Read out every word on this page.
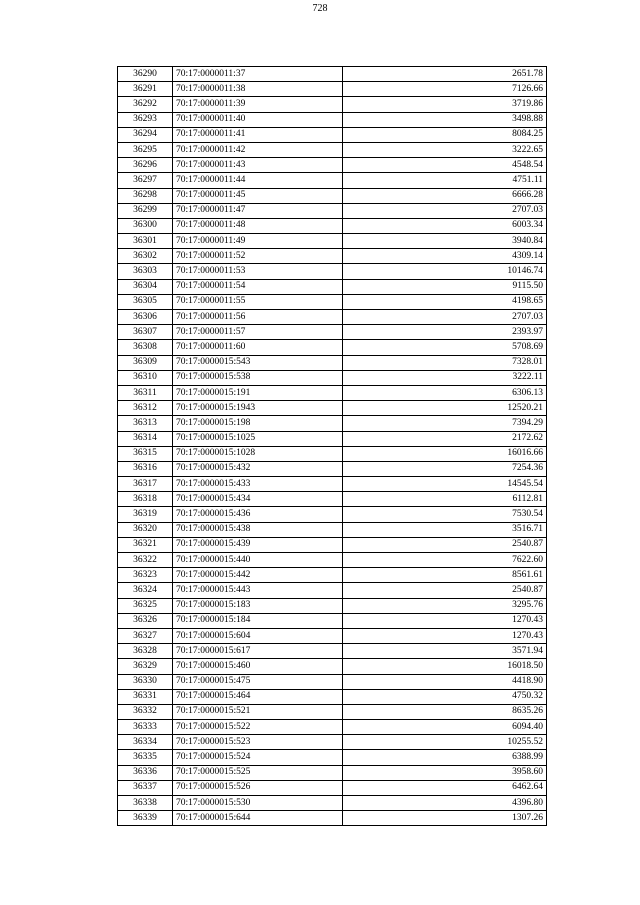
728
36290	70:17:0000011:37	2651.78
36291	70:17:0000011:38	7126.66
36292	70:17:0000011:39	3719.86
36293	70:17:0000011:40	3498.88
36294	70:17:0000011:41	8084.25
36295	70:17:0000011:42	3222.65
36296	70:17:0000011:43	4548.54
36297	70:17:0000011:44	4751.11
36298	70:17:0000011:45	6666.28
36299	70:17:0000011:47	2707.03
36300	70:17:0000011:48	6003.34
36301	70:17:0000011:49	3940.84
36302	70:17:0000011:52	4309.14
36303	70:17:0000011:53	10146.74
36304	70:17:0000011:54	9115.50
36305	70:17:0000011:55	4198.65
36306	70:17:0000011:56	2707.03
36307	70:17:0000011:57	2393.97
36308	70:17:0000011:60	5708.69
36309	70:17:0000015:543	7328.01
36310	70:17:0000015:538	3222.11
36311	70:17:0000015:191	6306.13
36312	70:17:0000015:1943	12520.21
36313	70:17:0000015:198	7394.29
36314	70:17:0000015:1025	2172.62
36315	70:17:0000015:1028	16016.66
36316	70:17:0000015:432	7254.36
36317	70:17:0000015:433	14545.54
36318	70:17:0000015:434	6112.81
36319	70:17:0000015:436	7530.54
36320	70:17:0000015:438	3516.71
36321	70:17:0000015:439	2540.87
36322	70:17:0000015:440	7622.60
36323	70:17:0000015:442	8561.61
36324	70:17:0000015:443	2540.87
36325	70:17:0000015:183	3295.76
36326	70:17:0000015:184	1270.43
36327	70:17:0000015:604	1270.43
36328	70:17:0000015:617	3571.94
36329	70:17:0000015:460	16018.50
36330	70:17:0000015:475	4418.90
36331	70:17:0000015:464	4750.32
36332	70:17:0000015:521	8635.26
36333	70:17:0000015:522	6094.40
36334	70:17:0000015:523	10255.52
36335	70:17:0000015:524	6388.99
36336	70:17:0000015:525	3958.60
36337	70:17:0000015:526	6462.64
36338	70:17:0000015:530	4396.80
36339	70:17:0000015:644	1307.26
